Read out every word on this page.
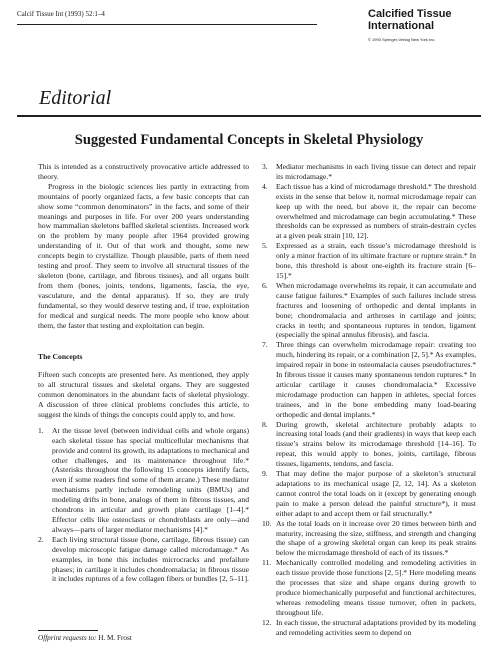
Calcif Tissue Int (1993) 52:1–4	Calcified Tissue
International
© 1993 Springer-Verlag New York Inc.
Editorial
Suggested Fundamental Concepts in Skeletal Physiology

This is intended as a constructively provocative article addressed to theory.

Progress in the biologic sciences lies partly in extracting from mountains of poorly organized facts, a few basic concepts that can show some “common denominators” in the facts, and some of their meanings and purposes in life. For over 200 years understanding how mammalian skeletons baffled skeletal scientists. Increased work on the problem by many people after 1964 provided growing understanding of it. Out of that work and thought, some new concepts begin to crystallize. Though plausible, parts of them need testing and proof. They seem to involve all structural tissues of the skeleton (bone, cartilage, and fibrous tissues), and all organs built from them (bones, joints, tendons, ligaments, fascia, the eye, vasculature, and the dental apparatus). If so, they are truly fundamental, so they would deserve testing and, if true, exploitation for medical and surgical needs. The more people who know about them, the faster that testing and exploitation can begin.

The Concepts

Fifteen such concepts are presented here. As mentioned, they apply to all structural tissues and skeletal organs. They are suggested common denominators in the abundant facts of skeletal physiology. A discussion of three clinical problems concludes this article, to suggest the kinds of things the concepts could apply to, and how.

1. At the tissue level (between individual cells and whole organs) each skeletal tissue has special multicellular mechanisms that provide and control its growth, its adaptations to mechanical and other challenges, and its maintenance throughout life.* (Asterisks throughout the following 15 concepts identify facts, even if some readers find some of them arcane.) These mediator mechanisms partly include remodeling units (BMUs) and modeling drifts in bone, analogs of them in fibrous tissues, and chondrons in articular and growth plate cartilage [1–4].* Effector cells like osteoclasts or chondroblasts are only—and always—parts of larger mediator mechanisms [4].*
2. Each living structural tissue (bone, cartilage, fibrous tissue) can develop microscopic fatigue damage called microdamage.* As examples, in bone this includes microcracks and prefailure phases; in cartilage it includes chondromalacia; in fibrous tissue it includes ruptures of a few collagen fibers or bundles [2, 5–11].
3. Mediator mechanisms in each living tissue can detect and repair its microdamage.*
4. Each tissue has a kind of microdamage threshold.* The threshold exists in the sense that below it, normal microdamage repair can keep up with the need, but above it, the repair can become overwhelmed and microdamage can begin accumulating.* These thresholds can be expressed as numbers of strain-destrain cycles at a given peak strain [10, 12].
5. Expressed as a strain, each tissue’s microdamage threshold is only a minor fraction of its ultimate fracture or rupture strain.* In bone, this threshold is about one-eighth its fracture strain [6–15].*
6. When microdamage overwhelms its repair, it can accumulate and cause fatigue failures.* Examples of such failures include stress fractures and loosening of orthopedic and dental implants in bone; chondromalacia and arthroses in cartilage and joints; cracks in teeth; and spontaneous ruptures in tendon, ligament (especially the spinal annulus fibrosis), and fascia.
7. Three things can overwhelm microdamage repair: creating too much, hindering its repair, or a combination [2, 5].* As examples, impaired repair in bone in osteomalacia causes pseudofractures.* In fibrous tissue it causes many spontaneous tendon ruptures.* In articular cartilage it causes chondromalacia.* Excessive microdamage production can happen in athletes, special forces trainees, and in the bone embedding many load-bearing orthopedic and dental implants.*
8. During growth, skeletal architecture probably adapts to increasing total loads (and their gradients) in ways that keep each tissue’s strains below its microdamage threshold [14–16]. To repeat, this would apply to bones, joints, cartilage, fibrous tissues, ligaments, tendons, and fascia.
9. That may define the major purpose of a skeleton’s structural adaptations to its mechanical usage [2, 12, 14]. As a skeleton cannot control the total loads on it (except by generating enough pain to make a person delead the painful structure*), it must either adapt to and accept them or fail structurally.*
10. As the total loads on it increase over 20 times between birth and maturity, increasing the size, stiffness, and strength and changing the shape of a growing skeletal organ can keep its peak strains below the microdamage threshold of each of its tissues.*
11. Mechanically controlled modeling and remodeling activities in each tissue provide those functions [2, 5].* Here modeling means the processes that size and shape organs during growth to produce biomechanically purposeful and functional architectures, whereas remodeling means tissue turnover, often in packets, throughout life.
12. In each tissue, the structural adaptations provided by its modeling and remodeling activities seem to depend on
Offprint requests to: H. M. Frost
